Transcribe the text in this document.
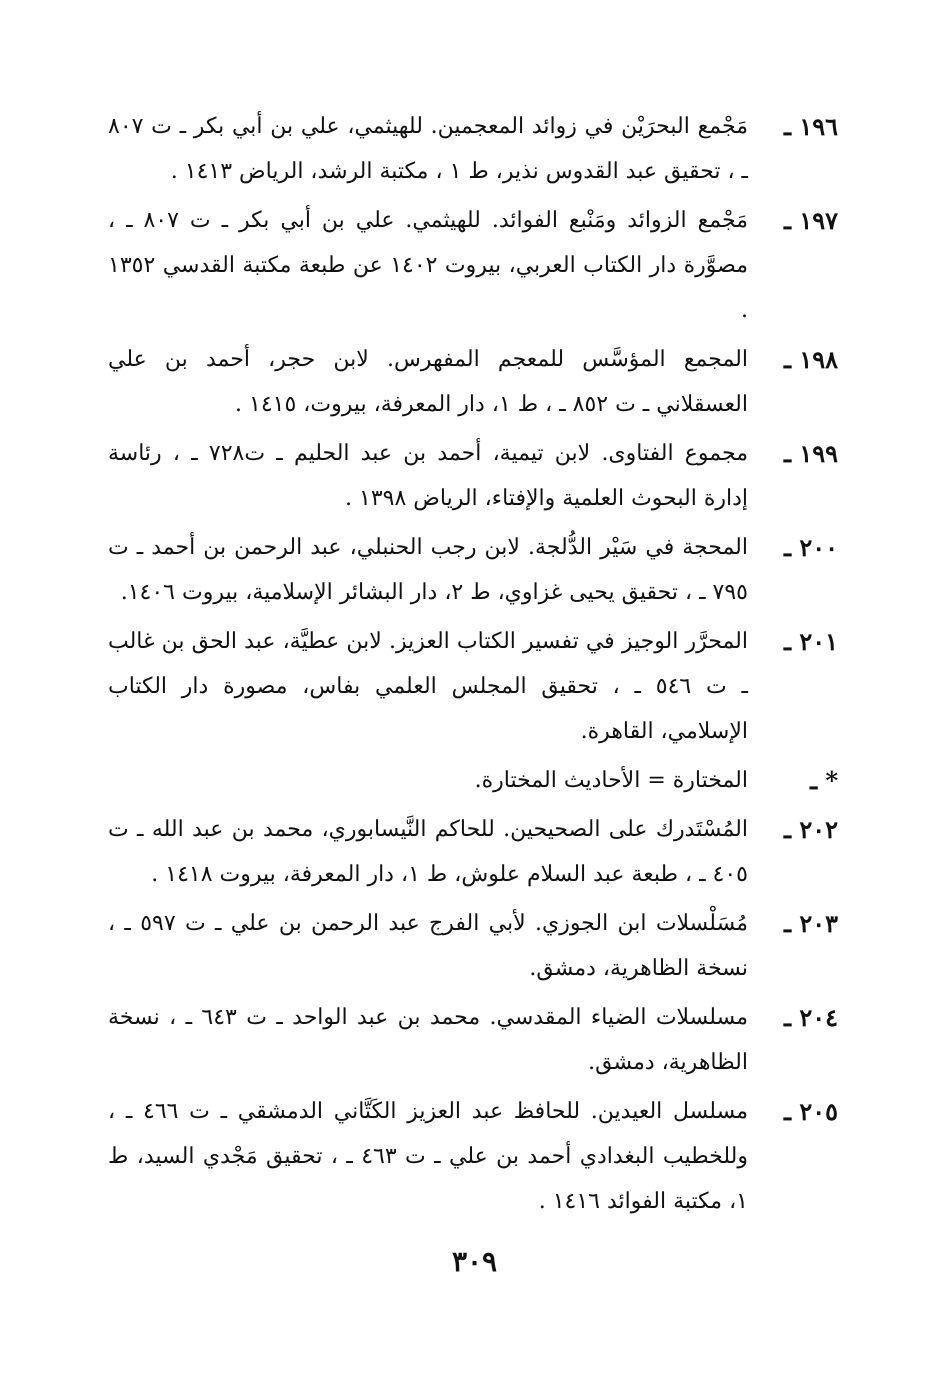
١٩٦ ـ
مَجْمع البحرَيْن في زوائد المعجمين. للهيثمي، علي بن أبي بكر ـ ت ٨٠٧ ـ ، تحقيق عبد القدوس نذير، ط ١ ، مكتبة الرشد، الرياض ١٤١٣ .
١٩٧ ـ
مَجْمع الزوائد ومَنْبع الفوائد. للهيثمي. علي بن أبي بكر ـ ت ٨٠٧ ـ ، مصوَّرة دار الكتاب العربي، بيروت ١٤٠٢ عن طبعة مكتبة القدسي ١٣٥٢ .
١٩٨ ـ
المجمع المؤسَّس للمعجم المفهرس. لابن حجر، أحمد بن علي العسقلاني ـ ت ٨٥٢ ـ ، ط ١، دار المعرفة، بيروت، ١٤١٥ .
١٩٩ ـ
مجموع الفتاوى. لابن تيمية، أحمد بن عبد الحليم ـ ت٧٢٨ ـ ، رئاسة إدارة البحوث العلمية والإفتاء، الرياض ١٣٩٨ .
٢٠٠ ـ
المحجة في سَيْر الدُّلجة. لابن رجب الحنبلي، عبد الرحمن بن أحمد ـ ت ٧٩٥ ـ ، تحقيق يحيى غزاوي، ط ٢، دار البشائر الإسلامية، بيروت ١٤٠٦.
٢٠١ ـ
المحرَّر الوجيز في تفسير الكتاب العزيز. لابن عطيَّة، عبد الحق بن غالب ـ ت ٥٤٦ ـ ، تحقيق المجلس العلمي بفاس، مصورة دار الكتاب الإسلامي، القاهرة.
* ـ
المختارة = الأحاديث المختارة.
٢٠٢ ـ
المُسْتَدرك على الصحيحين. للحاكم النَّيسابوري، محمد بن عبد الله ـ ت ٤٠٥ ـ ، طبعة عبد السلام علوش، ط ١، دار المعرفة، بيروت ١٤١٨ .
٢٠٣ ـ
مُسَلْسلات ابن الجوزي. لأبي الفرج عبد الرحمن بن علي ـ ت ٥٩٧ ـ ، نسخة الظاهرية، دمشق.
٢٠٤ ـ
مسلسلات الضياء المقدسي. محمد بن عبد الواحد ـ ت ٦٤٣ ـ ، نسخة الظاهرية، دمشق.
٢٠٥ ـ
مسلسل العيدين. للحافظ عبد العزيز الكَتَّاني الدمشقي ـ ت ٤٦٦ ـ ، وللخطيب البغدادي أحمد بن علي ـ ت ٤٦٣ ـ ، تحقيق مَجْدي السيد، ط ١، مكتبة الفوائد ١٤١٦ .
٣٠٩
